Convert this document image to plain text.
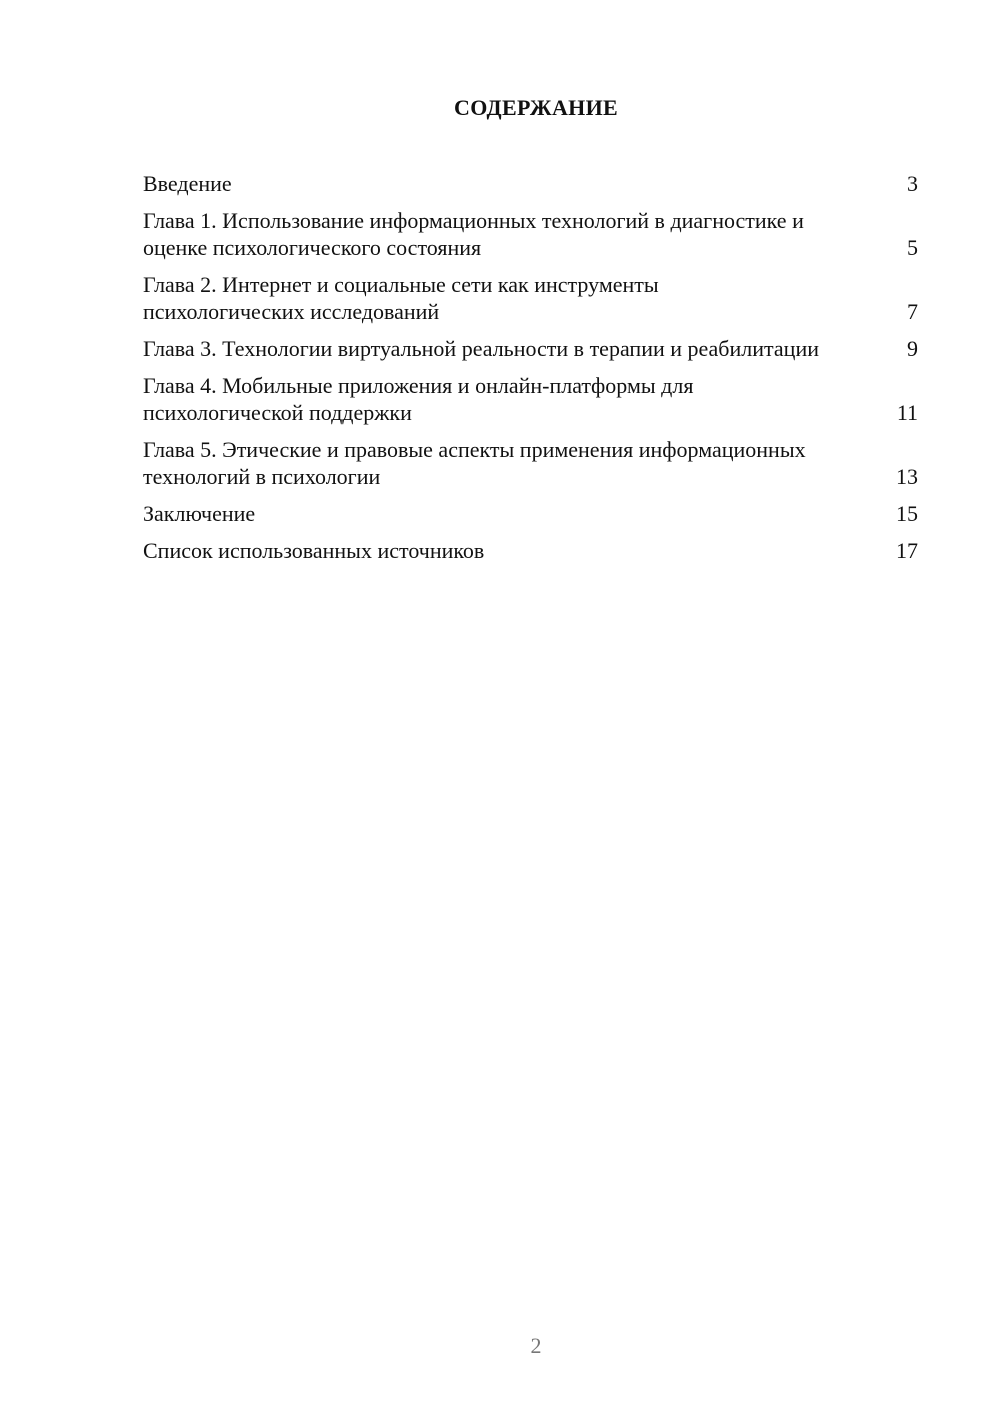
СОДЕРЖАНИЕ
Введение	3
Глава 1. Использование информационных технологий в диагностике и оценке психологического состояния	5
Глава 2. Интернет и социальные сети как инструменты психологических исследований	7
Глава 3. Технологии виртуальной реальности в терапии и реабилитации	9
Глава 4. Мобильные приложения и онлайн-платформы для психологической поддержки	11
Глава 5. Этические и правовые аспекты применения информационных технологий в психологии	13
Заключение	15
Список использованных источников	17
2
